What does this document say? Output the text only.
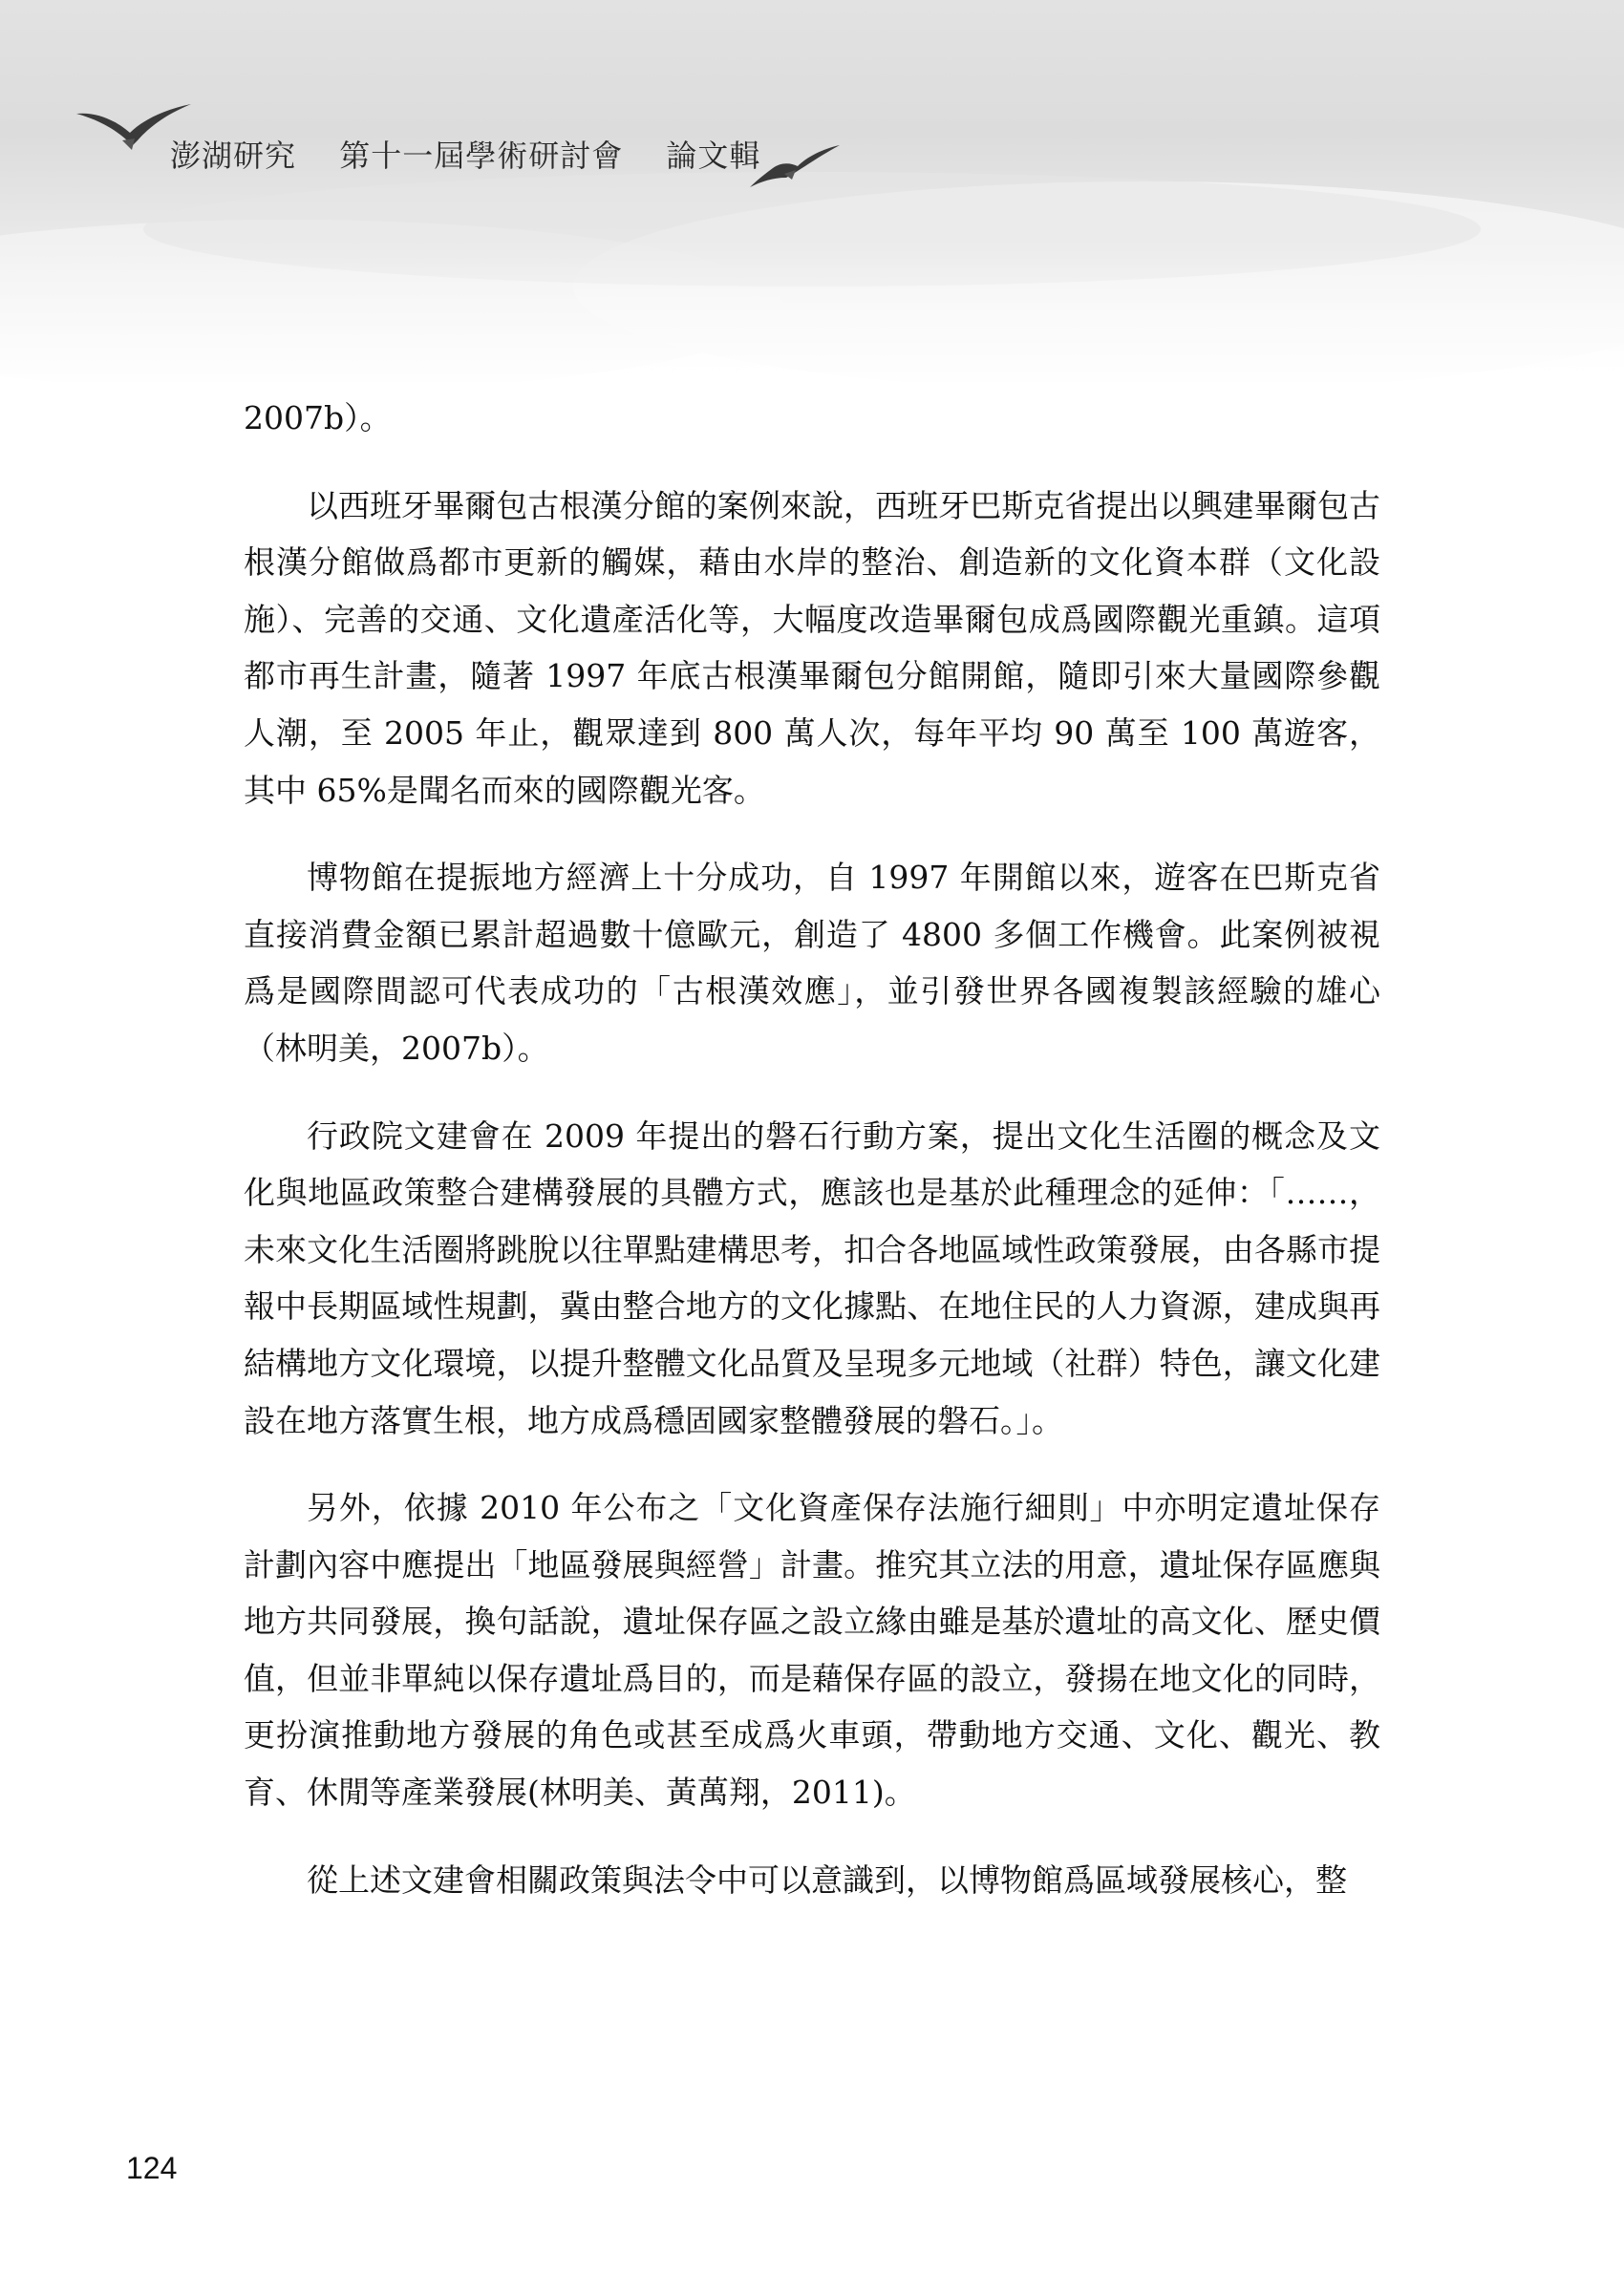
澎湖研究 第十一屆學術研討會 論文輯

2007b）。

以西班牙畢爾包古根漢分館的案例來說，西班牙巴斯克省提出以興建畢爾包古根漢分館做爲都市更新的觸媒，藉由水岸的整治、創造新的文化資本群（文化設施）、完善的交通、文化遺產活化等，大幅度改造畢爾包成爲國際觀光重鎮。這項都市再生計畫，隨著 1997 年底古根漢畢爾包分館開館，隨即引來大量國際參觀人潮，至 2005 年止，觀眾達到 800 萬人次，每年平均 90 萬至 100 萬遊客，其中 65%是聞名而來的國際觀光客。

博物館在提振地方經濟上十分成功，自 1997 年開館以來，遊客在巴斯克省直接消費金額已累計超過數十億歐元，創造了 4800 多個工作機會。此案例被視爲是國際間認可代表成功的「古根漢效應」，並引發世界各國複製該經驗的雄心（林明美，2007b）。

行政院文建會在 2009 年提出的磐石行動方案，提出文化生活圈的概念及文化與地區政策整合建構發展的具體方式，應該也是基於此種理念的延伸：「……，未來文化生活圈將跳脫以往單點建構思考，扣合各地區域性政策發展，由各縣市提報中長期區域性規劃，冀由整合地方的文化據點、在地住民的人力資源，建成與再結構地方文化環境，以提升整體文化品質及呈現多元地域（社群）特色，讓文化建設在地方落實生根，地方成爲穩固國家整體發展的磐石。」。

另外，依據 2010 年公布之「文化資產保存法施行細則」中亦明定遺址保存計劃內容中應提出「地區發展與經營」計畫。推究其立法的用意，遺址保存區應與地方共同發展，換句話說，遺址保存區之設立緣由雖是基於遺址的高文化、歷史價值，但並非單純以保存遺址爲目的，而是藉保存區的設立，發揚在地文化的同時，更扮演推動地方發展的角色或甚至成爲火車頭，帶動地方交通、文化、觀光、教育、休閒等產業發展(林明美、黃萬翔，2011)。

從上述文建會相關政策與法令中可以意識到，以博物館爲區域發展核心，整

124
